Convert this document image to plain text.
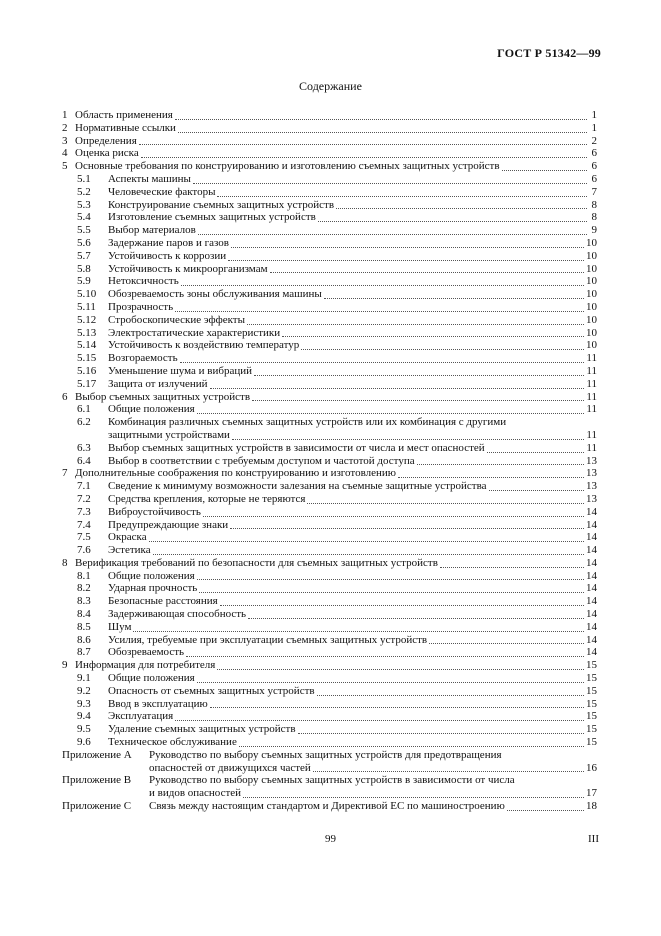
ГОСТ Р 51342—99
Содержание
1 Область применения	1
2 Нормативные ссылки	1
3 Определения	2
4 Оценка риска	6
5 Основные требования по конструированию и изготовлению съемных защитных устройств	6
5.1	Аспекты машины	6
5.2	Человеческие факторы	7
5.3	Конструирование съемных защитных устройств	8
5.4	Изготовление съемных защитных устройств	8
5.5	Выбор материалов	9
5.6	Задержание паров и газов	10
5.7	Устойчивость к коррозии	10
5.8	Устойчивость к микроорганизмам	10
5.9	Нетоксичность	10
5.10	Обозреваемость зоны обслуживания машины	10
5.11	Прозрачность	10
5.12	Стробоскопические эффекты	10
5.13	Электростатические характеристики	10
5.14	Устойчивость к воздействию температур	10
5.15	Возгораемость	11
5.16	Уменьшение шума и вибраций	11
5.17	Защита от излучений	11
6 Выбор съемных защитных устройств	11
6.1	Общие положения	11
6.2	Комбинация различных съемных защитных устройств или их комбинация с другими
защитными устройствами	11
6.3	Выбор съемных защитных устройств в зависимости от числа и мест опасностей	11
6.4	Выбор в соответствии с требуемым доступом и частотой доступа	13
7 Дополнительные соображения по конструированию и изготовлению	13
7.1	Сведение к минимуму возможности залезания на съемные защитные устройства	13
7.2	Средства крепления, которые не теряются	13
7.3	Виброустойчивость	14
7.4	Предупреждающие знаки	14
7.5	Окраска	14
7.6	Эстетика	14
8 Верификация требований по безопасности для съемных защитных устройств	14
8.1	Общие положения	14
8.2	Ударная прочность	14
8.3	Безопасные расстояния	14
8.4	Задерживающая способность	14
8.5	Шум	14
8.6	Усилия, требуемые при эксплуатации съемных защитных устройств	14
8.7	Обозреваемость	14
9 Информация для потребителя	15
9.1	Общие положения	15
9.2	Опасность от съемных защитных устройств	15
9.3	Ввод в эксплуатацию	15
9.4	Эксплуатация	15
9.5	Удаление съемных защитных устройств	15
9.6	Техническое обслуживание	15
Приложение А	Руководство по выбору съемных защитных устройств для предотвращения
опасностей от движущихся частей	16
Приложение В	Руководство по выбору съемных защитных устройств в зависимости от числа
и видов опасностей	17
Приложение С	Связь между настоящим стандартом и Директивой ЕС по машиностроению	18
99	III
